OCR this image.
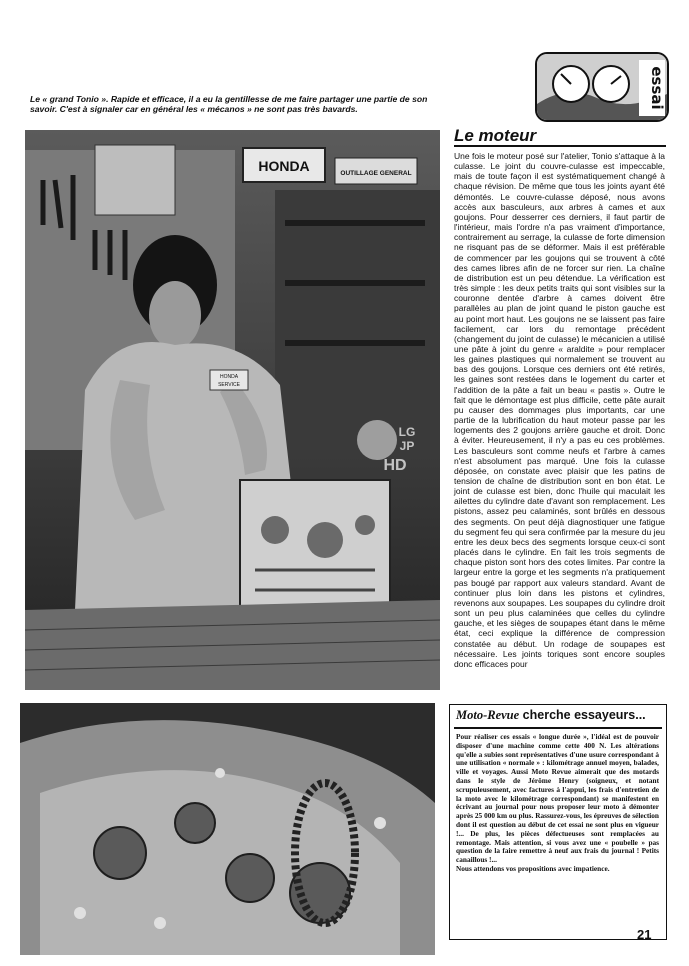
essai
Le « grand Tonio ». Rapide et efficace, il a eu la gentillesse de me faire partager une partie de son savoir. C'est à signaler car en général les « mécanos » ne sont pas très bavards.
HONDA	OUTILLAGE GENERAL
HONDA
SERVICE
LG
JP
HD
Le moteur
Une fois le moteur posé sur l'atelier, Tonio s'attaque à la culasse. Le joint du couvre-culasse est impeccable, mais de toute façon il est systématiquement changé à chaque révision. De même que tous les joints ayant été démontés. Le couvre-culasse déposé, nous avons accès aux basculeurs, aux arbres à cames et aux goujons. Pour desserrer ces derniers, il faut partir de l'intérieur, mais l'ordre n'a pas vraiment d'importance, contrairement au serrage, la culasse de forte dimension ne risquant pas de se déformer. Mais il est préférable de commencer par les goujons qui se trouvent à côté des cames libres afin de ne forcer sur rien. La chaîne de distribution est un peu détendue. La vérification est très simple : les deux petits traits qui sont visibles sur la couronne dentée d'arbre à cames doivent être parallèles au plan de joint quand le piston gauche est au point mort haut. Les goujons ne se laissent pas faire facilement, car lors du remontage précédent (changement du joint de culasse) le mécanicien a utilisé une pâte à joint du genre « araldite » pour remplacer les gaines plastiques qui normalement se trouvent au bas des goujons. Lorsque ces derniers ont été retirés, les gaines sont restées dans le logement du carter et l'addition de la pâte a fait un beau « pastis ». Outre le fait que le démontage est plus difficile, cette pâte aurait pu causer des dommages plus importants, car une partie de la lubrification du haut moteur passe par les logements des 2 goujons arrière gauche et droit. Donc à éviter. Heureusement, il n'y a pas eu ces problèmes. Les basculeurs sont comme neufs et l'arbre à cames n'est absolument pas marqué. Une fois la culasse déposée, on constate avec plaisir que les patins de tension de chaîne de distribution sont en bon état. Le joint de culasse est bien, donc l'huile qui maculait les ailettes du cylindre date d'avant son remplacement. Les pistons, assez peu calaminés, sont brûlés en dessous des segments. On peut déjà diagnostiquer une fatigue du segment feu qui sera confirmée par la mesure du jeu entre les deux becs des segments lorsque ceux-ci sont placés dans le cylindre. En fait les trois segments de chaque piston sont hors des cotes limites. Par contre la largeur entre la gorge et les segments n'a pratiquement pas bougé par rapport aux valeurs standard. Avant de continuer plus loin dans les pistons et cylindres, revenons aux soupapes. Les soupapes du cylindre droit sont un peu plus calaminées que celles du cylindre gauche, et les sièges de soupapes étant dans le même état, ceci explique la différence de compression constatée au début. Un rodage de soupapes est nécessaire. Les joints toriques sont encore souples donc efficaces pour
Moto-Revue cherche essayeurs...
Pour réaliser ces essais « longue durée », l'idéal est de pouvoir disposer d'une machine comme cette 400 N. Les altérations qu'elle a subies sont représentatives d'une usure correspondant à une utilisation « normale » : kilométrage annuel moyen, balades, ville et voyages. Aussi Moto Revue aimerait que des motards dans le style de Jérôme Henry (soigneux, et notant scrupuleusement, avec factures à l'appui, les frais d'entretien de la moto avec le kilométrage correspondant) se manifestent en écrivant au journal pour nous proposer leur moto à démonter après 25 000 km ou plus. Rassurez-vous, les épreuves de sélection dont il est question au début de cet essai ne sont plus en vigueur !... De plus, les pièces défectueuses sont remplacées au remontage. Mais attention, si vous avez une « poubelle » pas question de la faire remettre à neuf aux frais du journal ! Petits canaillous !...
Nous attendons vos propositions avec impatience.
21
